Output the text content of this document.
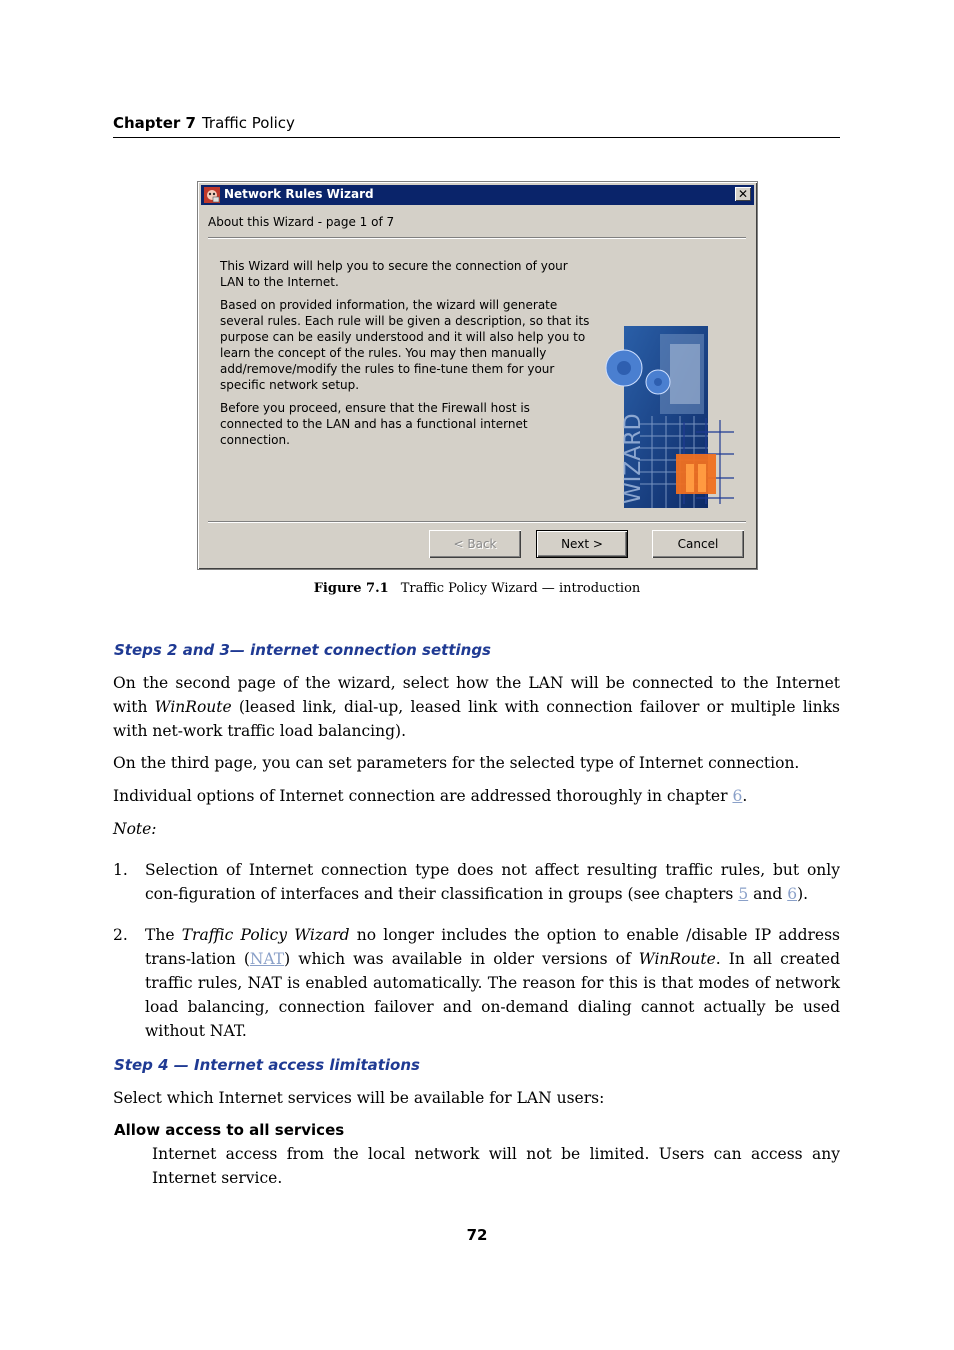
Chapter 7 Traffic Policy
Network Rules Wizard	✕
About this Wizard - page 1 of 7

This Wizard will help you to secure the connection of your LAN to the Internet.

Based on provided information, the wizard will generate several rules. Each rule will be given a description, so that its purpose can be easily understood and it will also help you to learn the concept of the rules. You may then manually add/remove/modify the rules to fine-tune them for your specific network setup.

Before you proceed, ensure that the Firewall host is connected to the LAN and has a functional internet connection.	WIZARD
< Back	Next >	Cancel
Figure 7.1 Traffic Policy Wizard — introduction
Steps 2 and 3— internet connection settings

On the second page of the wizard, select how the LAN will be connected to the Internet with WinRoute (leased link, dial-up, leased link with connection failover or multiple links with net-work traffic load balancing).

On the third page, you can set parameters for the selected type of Internet connection.

Individual options of Internet connection are addressed thoroughly in chapter 6.

Note:

1. Selection of Internet connection type does not affect resulting traffic rules, but only con-figuration of interfaces and their classification in groups (see chapters 5 and 6).
2. The Traffic Policy Wizard no longer includes the option to enable /disable IP address trans-lation (NAT) which was available in older versions of WinRoute. In all created traffic rules, NAT is enabled automatically. The reason for this is that modes of network load balancing, connection failover and on-demand dialing cannot actually be used without NAT.
Step 4 — Internet access limitations

Select which Internet services will be available for LAN users:

Allow access to all services

Internet access from the local network will not be limited. Users can access any Internet service.

72
